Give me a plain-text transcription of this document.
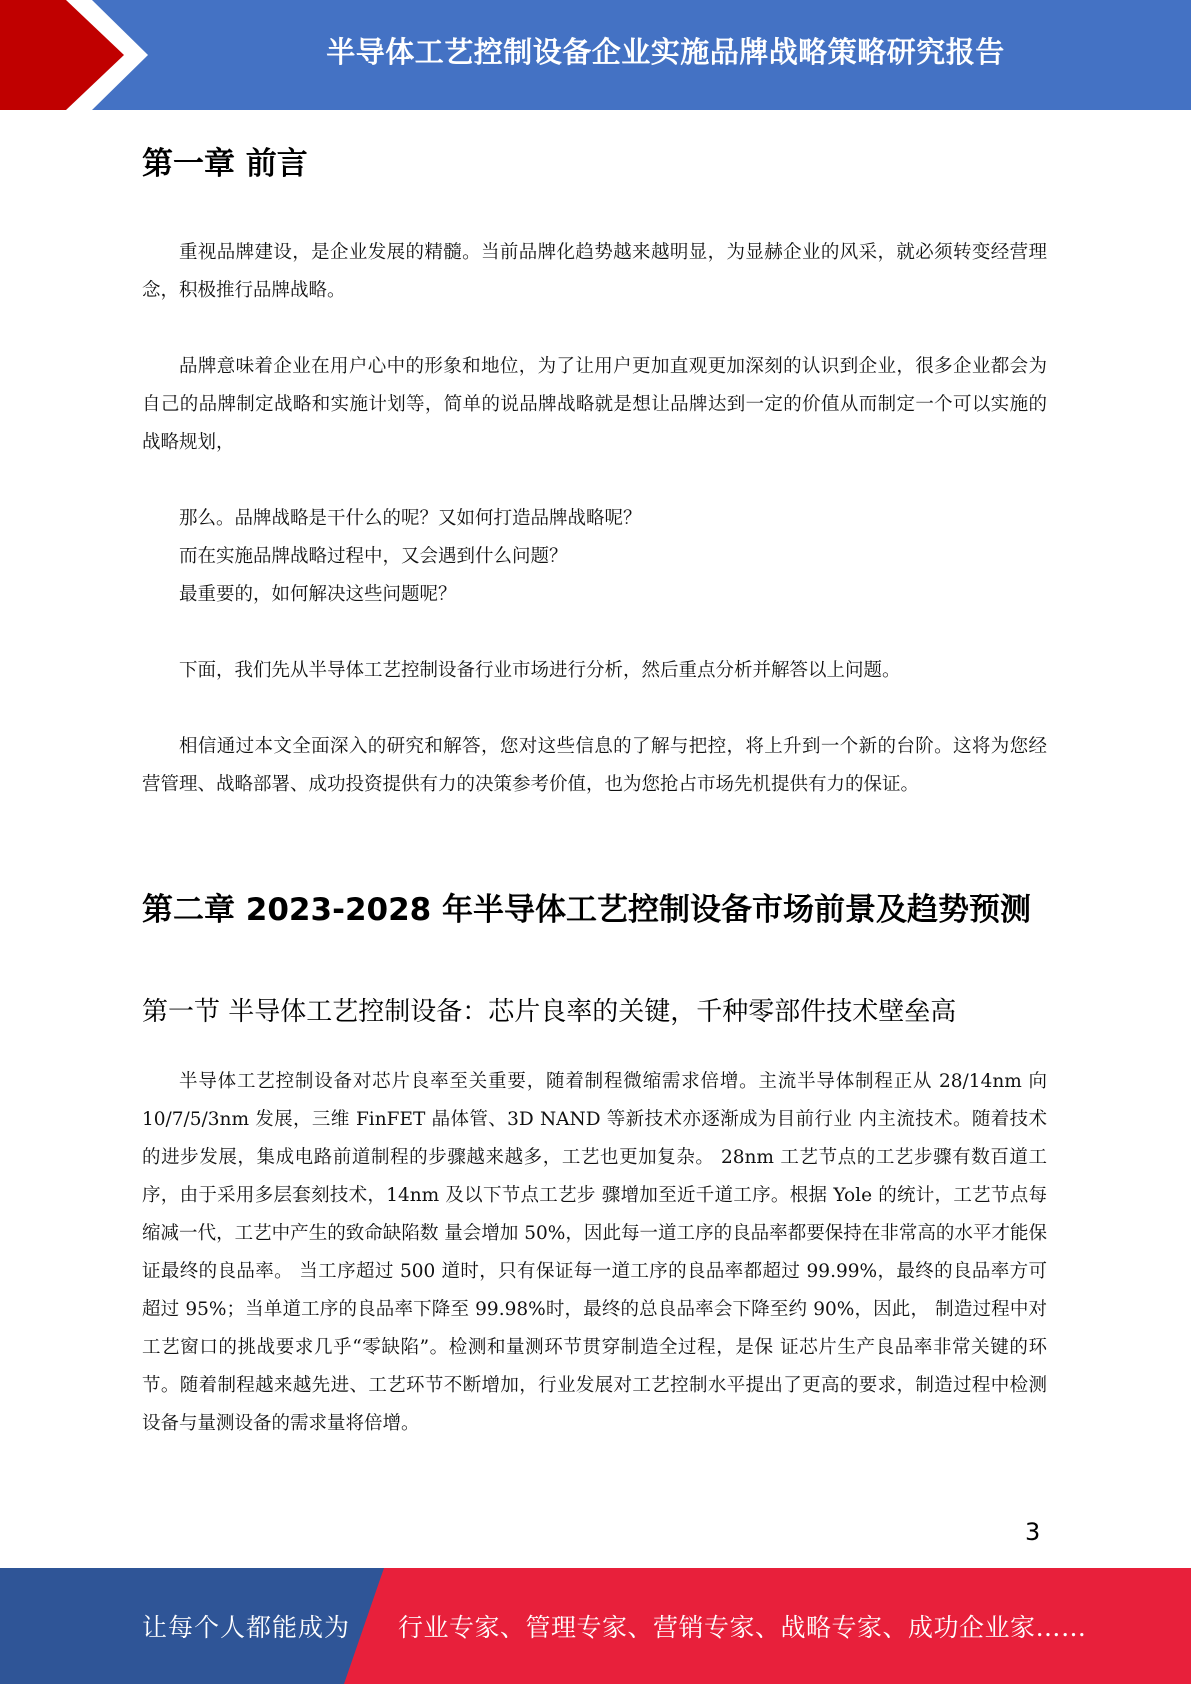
半导体工艺控制设备企业实施品牌战略策略研究报告
第一章 前言

重视品牌建设，是企业发展的精髓。当前品牌化趋势越来越明显，为显赫企业的风采，就必须转变经营理念，积极推行品牌战略。

品牌意味着企业在用户心中的形象和地位，为了让用户更加直观更加深刻的认识到企业，很多企业都会为自己的品牌制定战略和实施计划等，简单的说品牌战略就是想让品牌达到一定的价值从而制定一个可以实施的战略规划，

那么。品牌战略是干什么的呢？又如何打造品牌战略呢？

而在实施品牌战略过程中，又会遇到什么问题？

最重要的，如何解决这些问题呢？

下面，我们先从半导体工艺控制设备行业市场进行分析，然后重点分析并解答以上问题。

相信通过本文全面深入的研究和解答，您对这些信息的了解与把控，将上升到一个新的台阶。这将为您经营管理、战略部署、成功投资提供有力的决策参考价值，也为您抢占市场先机提供有力的保证。

第二章 2023-2028 年半导体工艺控制设备市场前景及趋势预测
第一节 半导体工艺控制设备：芯片良率的关键，千种零部件技术壁垒高

半导体工艺控制设备对芯片良率至关重要，随着制程微缩需求倍增。主流半导体制程正从 28/14nm 向 10/7/5/3nm 发展，三维 FinFET 晶体管、3D NAND 等新技术亦逐渐成为目前行业 内主流技术。随着技术的进步发展，集成电路前道制程的步骤越来越多，工艺也更加复杂。 28nm 工艺节点的工艺步骤有数百道工序，由于采用多层套刻技术，14nm 及以下节点工艺步 骤增加至近千道工序。根据 Yole 的统计，工艺节点每缩减一代，工艺中产生的致命缺陷数 量会增加 50%，因此每一道工序的良品率都要保持在非常高的水平才能保证最终的良品率。 当工序超过 500 道时，只有保证每一道工序的良品率都超过 99.99%，最终的良品率方可 超过 95%；当单道工序的良品率下降至 99.98%时，最终的总良品率会下降至约 90%，因此， 制造过程中对工艺窗口的挑战要求几乎“零缺陷”。检测和量测环节贯穿制造全过程，是保 证芯片生产良品率非常关键的环节。随着制程越来越先进、工艺环节不断增加，行业发展对工艺控制水平提出了更高的要求，制造过程中检测设备与量测设备的需求量将倍增。

3
让每个人都能成为 行业专家、管理专家、营销专家、战略专家、成功企业家……
